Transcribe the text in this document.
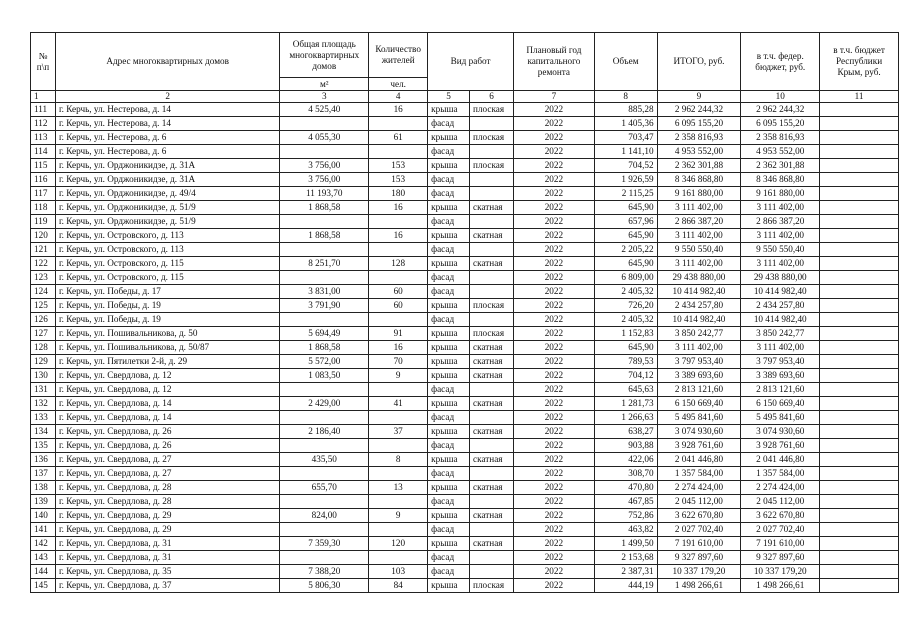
№ п\п	Адрес многоквартирных домов	Общая площадь многоквартирных домов	Количество жителей	Вид работ		Плановый год капитального ремонта	Объем	ИТОГО, руб.	в т.ч. федер. бюджет, руб.	в т.ч. бюджет Республики Крым, руб.
		м²	чел.							
1	2	3	4	5	6	7	8	9	10	11
111	г. Керчь, ул. Нестерова, д. 14	4 525,40	16	крыша	плоская	2022	885,28	2 962 244,32	2 962 244,32	
112	г. Керчь, ул. Нестерова, д. 14			фасад		2022	1 405,36	6 095 155,20	6 095 155,20	
113	г. Керчь, ул. Нестерова, д. 6	4 055,30	61	крыша	плоская	2022	703,47	2 358 816,93	2 358 816,93	
114	г. Керчь, ул. Нестерова, д. 6			фасад		2022	1 141,10	4 953 552,00	4 953 552,00	
115	г. Керчь, ул. Орджоникидзе, д. 31А	3 756,00	153	крыша	плоская	2022	704,52	2 362 301,88	2 362 301,88	
116	г. Керчь, ул. Орджоникидзе, д. 31А	3 756,00	153	фасад		2022	1 926,59	8 346 868,80	8 346 868,80	
117	г. Керчь, ул. Орджоникидзе, д. 49/4	11 193,70	180	фасад		2022	2 115,25	9 161 880,00	9 161 880,00	
118	г. Керчь, ул. Орджоникидзе, д. 51/9	1 868,58	16	крыша	скатная	2022	645,90	3 111 402,00	3 111 402,00	
119	г. Керчь, ул. Орджоникидзе, д. 51/9			фасад		2022	657,96	2 866 387,20	2 866 387,20	
120	г. Керчь, ул. Островского, д. 113	1 868,58	16	крыша	скатная	2022	645,90	3 111 402,00	3 111 402,00	
121	г. Керчь, ул. Островского, д. 113			фасад		2022	2 205,22	9 550 550,40	9 550 550,40	
122	г. Керчь, ул. Островского, д. 115	8 251,70	128	крыша	скатная	2022	645,90	3 111 402,00	3 111 402,00	
123	г. Керчь, ул. Островского, д. 115			фасад		2022	6 809,00	29 438 880,00	29 438 880,00	
124	г. Керчь, ул. Победы, д. 17	3 831,00	60	фасад		2022	2 405,32	10 414 982,40	10 414 982,40	
125	г. Керчь, ул. Победы, д. 19	3 791,90	60	крыша	плоская	2022	726,20	2 434 257,80	2 434 257,80	
126	г. Керчь, ул. Победы, д. 19			фасад		2022	2 405,32	10 414 982,40	10 414 982,40	
127	г. Керчь, ул. Пошивальникова, д. 50	5 694,49	91	крыша	плоская	2022	1 152,83	3 850 242,77	3 850 242,77	
128	г. Керчь, ул. Пошивальникова, д. 50/87	1 868,58	16	крыша	скатная	2022	645,90	3 111 402,00	3 111 402,00	
129	г. Керчь, ул. Пятилетки 2-й, д. 29	5 572,00	70	крыша	скатная	2022	789,53	3 797 953,40	3 797 953,40	
130	г. Керчь, ул. Свердлова, д. 12	1 083,50	9	крыша	скатная	2022	704,12	3 389 693,60	3 389 693,60	
131	г. Керчь, ул. Свердлова, д. 12			фасад		2022	645,63	2 813 121,60	2 813 121,60	
132	г. Керчь, ул. Свердлова, д. 14	2 429,00	41	крыша	скатная	2022	1 281,73	6 150 669,40	6 150 669,40	
133	г. Керчь, ул. Свердлова, д. 14			фасад		2022	1 266,63	5 495 841,60	5 495 841,60	
134	г. Керчь, ул. Свердлова, д. 26	2 186,40	37	крыша	скатная	2022	638,27	3 074 930,60	3 074 930,60	
135	г. Керчь, ул. Свердлова, д. 26			фасад		2022	903,88	3 928 761,60	3 928 761,60	
136	г. Керчь, ул. Свердлова, д. 27	435,50	8	крыша	скатная	2022	422,06	2 041 446,80	2 041 446,80	
137	г. Керчь, ул. Свердлова, д. 27			фасад		2022	308,70	1 357 584,00	1 357 584,00	
138	г. Керчь, ул. Свердлова, д. 28	655,70	13	крыша	скатная	2022	470,80	2 274 424,00	2 274 424,00	
139	г. Керчь, ул. Свердлова, д. 28			фасад		2022	467,85	2 045 112,00	2 045 112,00	
140	г. Керчь, ул. Свердлова, д. 29	824,00	9	крыша	скатная	2022	752,86	3 622 670,80	3 622 670,80	
141	г. Керчь, ул. Свердлова, д. 29			фасад		2022	463,82	2 027 702,40	2 027 702,40	
142	г. Керчь, ул. Свердлова, д. 31	7 359,30	120	крыша	скатная	2022	1 499,50	7 191 610,00	7 191 610,00	
143	г. Керчь, ул. Свердлова, д. 31			фасад		2022	2 153,68	9 327 897,60	9 327 897,60	
144	г. Керчь, ул. Свердлова, д. 35	7 388,20	103	фасад		2022	2 387,31	10 337 179,20	10 337 179,20	
145	г. Керчь, ул. Свердлова, д. 37	5 806,30	84	крыша	плоская	2022	444,19	1 498 266,61	1 498 266,61	
